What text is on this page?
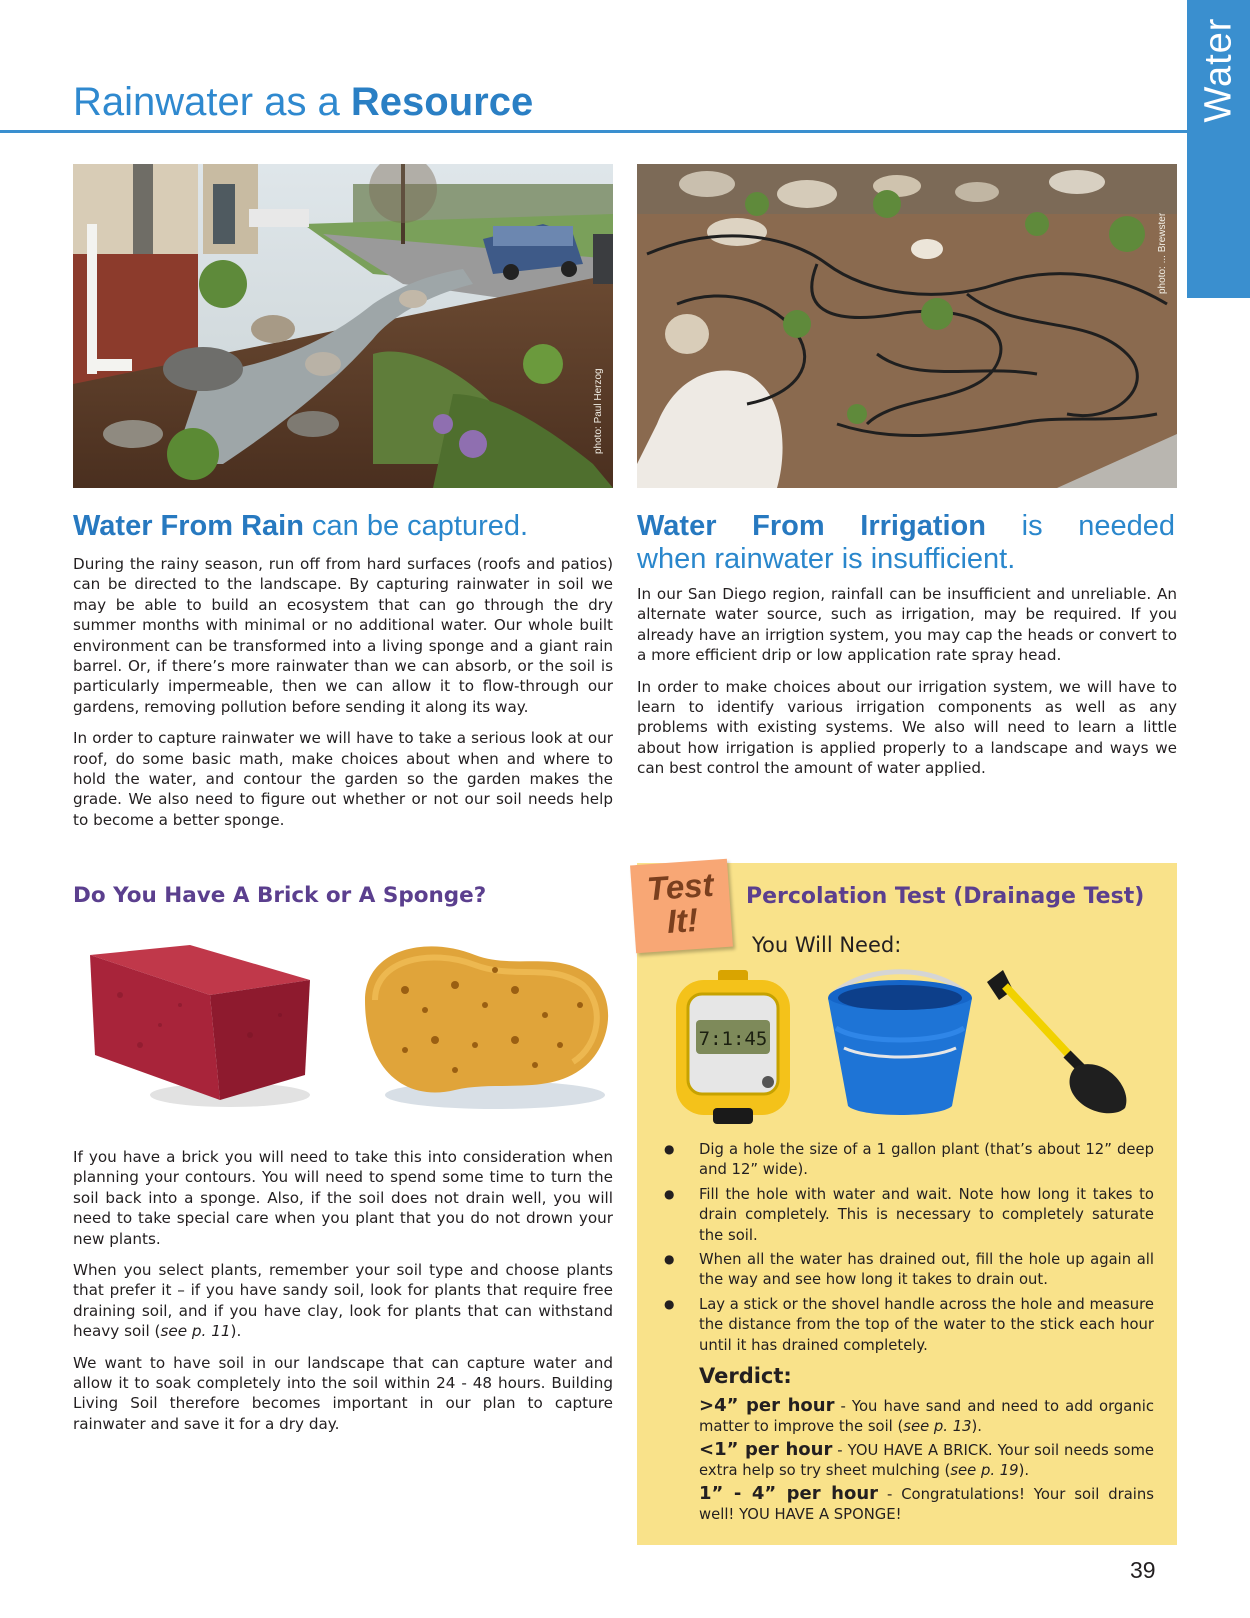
Water
Rainwater as a Resource
photo: Paul Herzog
photo: ... Brewster
Water From Rain can be captured.

During the rainy season, run off from hard surfaces (roofs and patios) can be directed to the landscape. By capturing rainwater in soil we may be able to build an ecosystem that can go through the dry summer months with minimal or no additional water. Our whole built environment can be transformed into a living sponge and a giant rain barrel. Or, if there’s more rainwater than we can absorb, or the soil is particularly impermeable, then we can allow it to flow-through our gardens, removing pollution before sending it along its way.

In order to capture rainwater we will have to take a serious look at our roof, do some basic math, make choices about when and where to hold the water, and contour the garden so the garden makes the grade. We also need to figure out whether or not our soil needs help to become a better sponge.

Water From Irrigation is needed
when rainwater is insufficient.

In our San Diego region, rainfall can be insufficient and unreliable. An alternate water source, such as irrigation, may be required. If you already have an irrigtion system, you may cap the heads or convert to a more efficient drip or low application rate spray head.

In order to make choices about our irrigation system, we will have to learn to identify various irrigation components as well as any problems with existing systems. We also will need to learn a little about how irrigation is applied properly to a landscape and ways we can best control the amount of water applied.

Do You Have A Brick or A Sponge?

If you have a brick you will need to take this into consideration when planning your contours. You will need to spend some time to turn the soil back into a sponge. Also, if the soil does not drain well, you will need to take special care when you plant that you do not drown your new plants.

When you select plants, remember your soil type and choose plants that prefer it – if you have sandy soil, look for plants that require free draining soil, and if you have clay, look for plants that can withstand heavy soil (see p. 11).

We want to have soil in our landscape that can capture water and allow it to soak completely into the soil within 24 - 48 hours. Building Living Soil therefore becomes important in our plan to capture rainwater and save it for a dry day.

Test
It!
Percolation Test (Drainage Test)
You Will Need:
7:1:45
● Dig a hole the size of a 1 gallon plant (that’s about 12” deep and 12” wide).
● Fill the hole with water and wait. Note how long it takes to drain completely. This is necessary to completely saturate the soil.
● When all the water has drained out, fill the hole up again all the way and see how long it takes to drain out.
● Lay a stick or the shovel handle across the hole and measure the distance from the top of the water to the stick each hour until it has drained completely.
Verdict:
>4” per hour - You have sand and need to add organic matter to improve the soil (see p. 13).
<1” per hour - YOU HAVE A BRICK. Your soil needs some extra help so try sheet mulching (see p. 19).
1” - 4” per hour - Congratulations! Your soil drains well! YOU HAVE A SPONGE!
39
